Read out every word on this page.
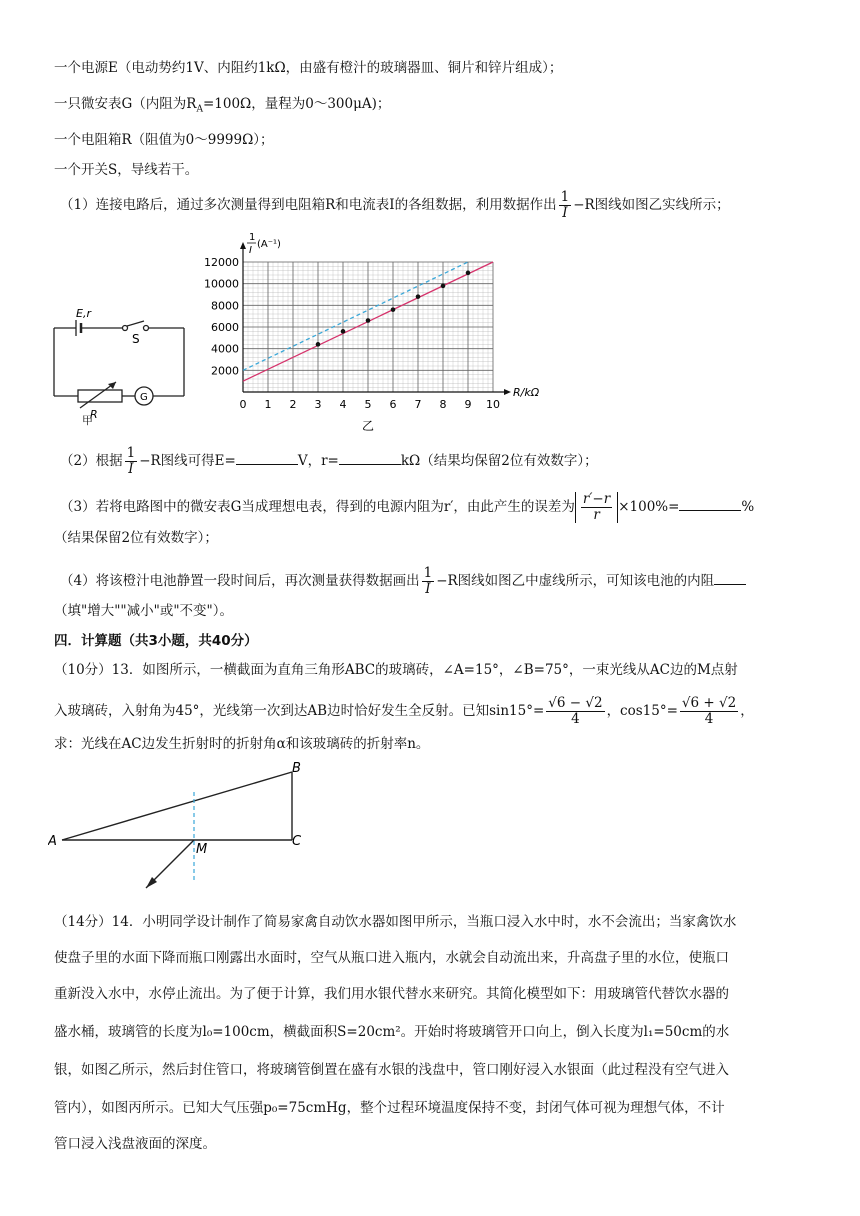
一个电源E（电动势约1V、内阻约1kΩ，由盛有橙汁的玻璃器皿、铜片和锌片组成）；
一只微安表G（内阻为$R_A=100\Omega$，量程为0～300μA)；
一个电阻箱R（阻值为0～9999Ω）；
一个开关S，导线若干。
（1）连接电路后，通过多次测量得到电阻箱R和电流表I的各组数据，利用数据作出 $\frac{1}{I} -R$图线如图乙实线所示；
E,r
S
R
G
甲
0 1 2 3 4 5 6 7 8 9 10
2000
4000
6000
8000
10000
12000
R/kΩ
1
I
(A⁻¹)
乙
（2）根据 $\frac{1}{I} -R$图线可得E=	V，r=	kΩ（结果均保留2位有效数字）；
（3）若将电路图中的微安表G当成理想电表，得到的电源内阻为r′，由此产生的误差为 $\frac{r'-r}{r} \times 100\%=$	%
（结果保留2位有效数字）；
（4）将该橙汁电池静置一段时间后，再次测量获得数据画出 $\frac{1}{I} -R$图线如图乙中虚线所示，可知该电池的内阻
（填"增大""减小"或"不变"）。
四．计算题（共3小题，共40分）
（10分）13．如图所示，一横截面为直角三角形ABC的玻璃砖，∠A=15°，∠B=75°，一束光线从AC边的M点射
入玻璃砖，入射角为45°，光线第一次到达AB边时恰好发生全反射。已知$\sin 15^\circ= \frac{√6 - √2}{4}$ ，$\cos 15^\circ= \frac{√6 + √2}{4}$ ，
求：光线在AC边发生折射时的折射角α和该玻璃砖的折射率n。
A
B
C
M
（14分）14．小明同学设计制作了简易家禽自动饮水器如图甲所示，当瓶口浸入水中时，水不会流出；当家禽饮水
使盘子里的水面下降而瓶口刚露出水面时，空气从瓶口进入瓶内，水就会自动流出来，升高盘子里的水位，使瓶口
重新没入水中，水停止流出。为了便于计算，我们用水银代替水来研究。其简化模型如下：用玻璃管代替饮水器的
盛水桶，玻璃管的长度为l₀=100cm，横截面积S=20cm²。开始时将玻璃管开口向上，倒入长度为l₁=50cm的水
银，如图乙所示，然后封住管口，将玻璃管倒置在盛有水银的浅盘中，管口刚好浸入水银面（此过程没有空气进入
管内），如图丙所示。已知大气压强p₀=75cmHg，整个过程环境温度保持不变，封闭气体可视为理想气体，不计
管口浸入浅盘液面的深度。
